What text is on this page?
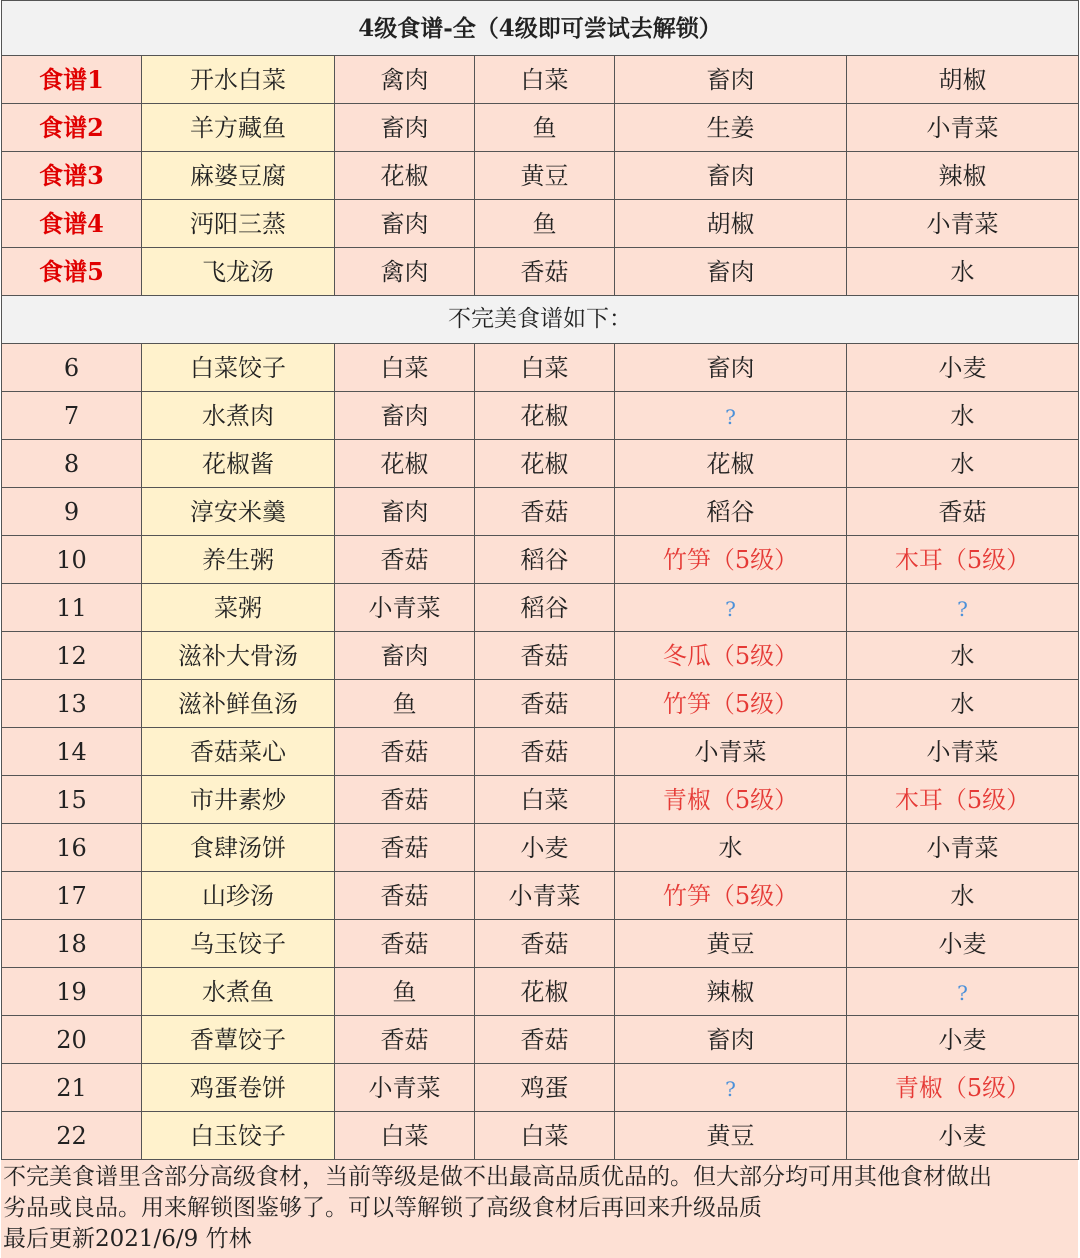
4级食谱-全（4级即可尝试去解锁）					
食谱1	开水白菜	禽肉	白菜	畜肉	胡椒
食谱2	羊方藏鱼	畜肉	鱼	生姜	小青菜
食谱3	麻婆豆腐	花椒	黄豆	畜肉	辣椒
食谱4	沔阳三蒸	畜肉	鱼	胡椒	小青菜
食谱5	飞龙汤	禽肉	香菇	畜肉	水
不完美食谱如下：					
6	白菜饺子	白菜	白菜	畜肉	小麦
7	水煮肉	畜肉	花椒	?	水
8	花椒酱	花椒	花椒	花椒	水
9	淳安米羹	畜肉	香菇	稻谷	香菇
10	养生粥	香菇	稻谷	竹笋（5级）	木耳（5级）
11	菜粥	小青菜	稻谷	?	?
12	滋补大骨汤	畜肉	香菇	冬瓜（5级）	水
13	滋补鲜鱼汤	鱼	香菇	竹笋（5级）	水
14	香菇菜心	香菇	香菇	小青菜	小青菜
15	市井素炒	香菇	白菜	青椒（5级）	木耳（5级）
16	食肆汤饼	香菇	小麦	水	小青菜
17	山珍汤	香菇	小青菜	竹笋（5级）	水
18	乌玉饺子	香菇	香菇	黄豆	小麦
19	水煮鱼	鱼	花椒	辣椒	?
20	香蕈饺子	香菇	香菇	畜肉	小麦
21	鸡蛋卷饼	小青菜	鸡蛋	?	青椒（5级）
22	白玉饺子	白菜	白菜	黄豆	小麦
不完美食谱里含部分高级食材，当前等级是做不出最高品质优品的。但大部分均可用其他食材做出
劣品或良品。用来解锁图鉴够了。可以等解锁了高级食材后再回来升级品质
最后更新2021/6/9 竹林
